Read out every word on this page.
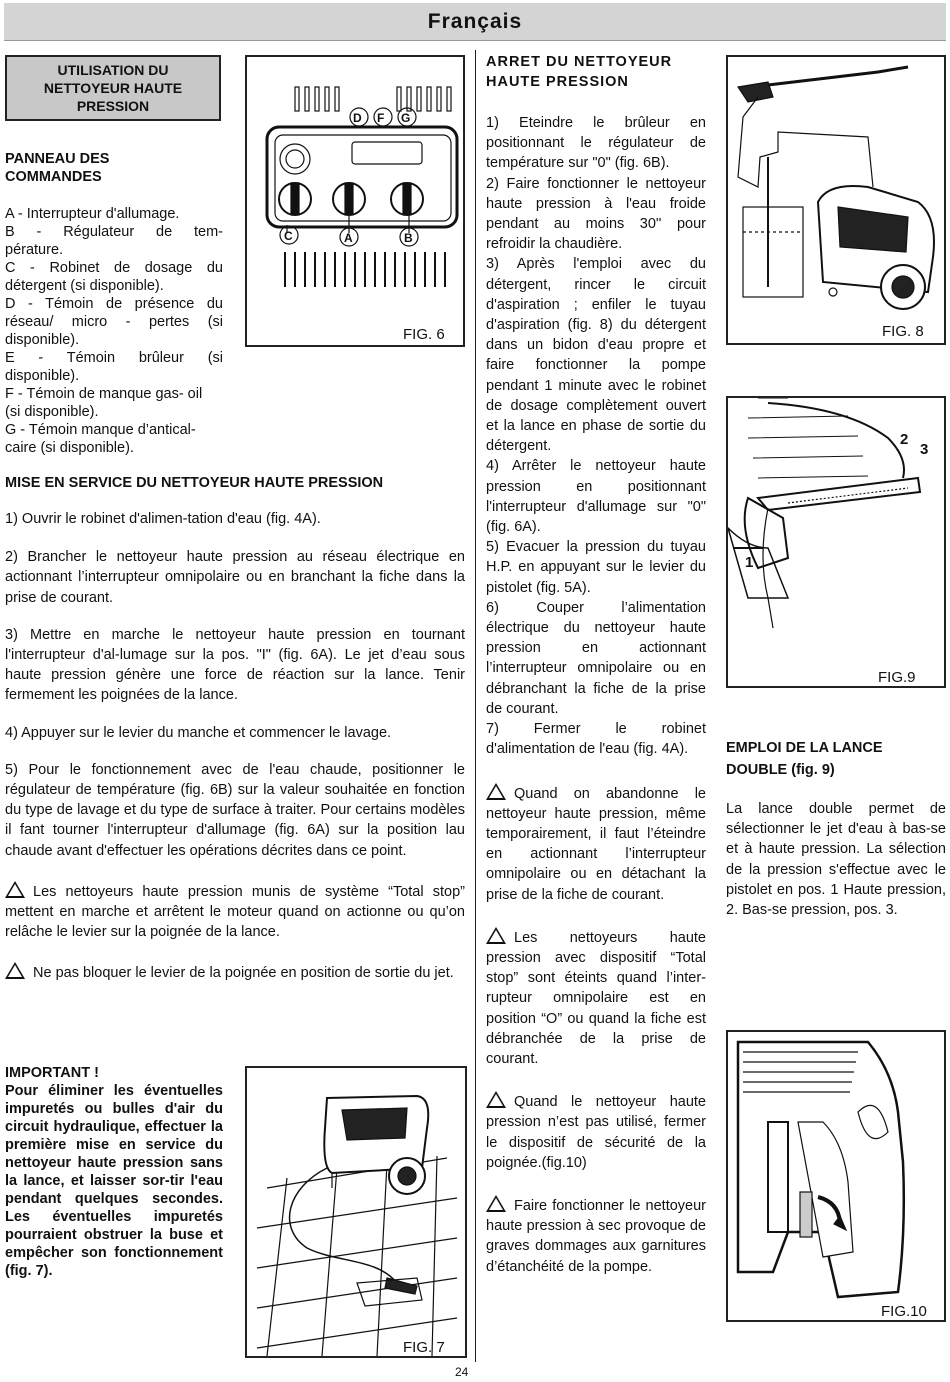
Français
UTILISATION DU
NETTOYEUR HAUTE
PRESSION
PANNEAU DES
COMMANDES
A - Interrupteur d'allumage.
B - Régulateur de tem-
pérature.
C - Robinet de dosage du
détergent (si disponible).
D - Témoin de présence du
réseau/ micro - pertes (si
disponible).
E - Témoin brûleur (si
disponible).
F - Témoin de manque gas- oil
(si disponible).
G - Témoin manque d’antical-
caire (si disponible).
D F G
C	A	B
FIG. 6
MISE EN SERVICE DU NETTOYEUR HAUTE PRESSION

1) Ouvrir le robinet d'alimen-tation d'eau (fig. 4A).

2) Brancher le nettoyeur haute pression au réseau électrique en actionnant l’interrupteur omnipolaire ou en branchant la fiche dans la prise de courant.

3) Mettre en marche le nettoyeur haute pression en tournant l'interrupteur d'al-lumage sur la pos. "I" (fig. 6A). Le jet d’eau sous haute pression génère une force de réaction sur la lance. Tenir fermement les poignées de la lance.

4) Appuyer sur le levier du manche et commencer le lavage.

5) Pour le fonctionnement avec de l'eau chaude, positionner le régulateur de température (fig. 6B) sur la valeur souhaitée en fonction du type de lavage et du type de surface à traiter. Pour certains modèles il fant tourner l'interrupteur d'allumage (fig. 6A) sur la position lau chaude avant d'effectuer les opérations décrites dans ce point.

Les nettoyeurs haute pression munis de système “Total stop” mettent en marche et arrêtent le moteur quand on actionne ou qu’on relâche le levier sur la poignée de la lance.

Ne pas bloquer le levier de la poignée en position de sortie du jet.

IMPORTANT !
Pour éliminer les éventuelles impuretés ou bulles d'air du circuit hydraulique, effectuer la première mise en service du nettoyeur haute pression sans la lance, et laisser sor-tir l'eau pendant quelques secondes. Les éventuelles impuretés pourraient obstruer la buse et empêcher son fonctionnement (fig. 7).
FIG. 7
ARRET DU NETTOYEUR
HAUTE PRESSION

1) Eteindre le brûleur en positionnant le régulateur de température sur "0" (fig. 6B).

2) Faire fonctionner le nettoyeur haute pression à l'eau froide pendant au moins 30'' pour refroidir la chaudière.

3) Après l'emploi avec du détergent, rincer le circuit d'aspiration ; enfiler le tuyau d'aspiration (fig. 8) du détergent dans un bidon d'eau propre et faire fonctionner la pompe pendant 1 minute avec le robinet de dosage complètement ouvert et la lance en phase de sortie du détergent.

4) Arrêter le nettoyeur haute pression en positionnant l'interrupteur d'allumage sur "0" (fig. 6A).

5) Evacuer la pression du tuyau H.P. en appuyant sur le levier du pistolet (fig. 5A).

6) Couper l’alimentation électrique du nettoyeur haute pression en actionnant l’interrupteur omnipolaire ou en débranchant la fiche de la prise de courant.

7) Fermer le robinet d'alimentation de l'eau (fig. 4A).

Quand on abandonne le nettoyeur haute pression, même temporairement, il faut l’éteindre en actionnant l’interrupteur omnipolaire ou en détachant la prise de la fiche de courant.

Les nettoyeurs haute pression avec dispositif “Total stop” sont éteints quand l’inter-rupteur omnipolaire est en position “O” ou quand la fiche est débranchée de la prise de courant.

Quand le nettoyeur haute pression n’est pas utilisé, fermer le dispositif de sécurité de la poignée.(fig.10)

Faire fonctionner le nettoyeur haute pression à sec provoque de graves dommages aux garnitures d’étanchéité de la pompe.

FIG. 8
1
2
3
FIG.9
EMPLOI DE LA LANCE
DOUBLE (fig. 9)
La lance double permet de sélectionner le jet d'eau à bas-se et à haute pression. La sélection de la pression s'effectue avec le pistolet en pos. 1 Haute pression, 2. Bas-se pression, pos. 3.
FIG.10
24
